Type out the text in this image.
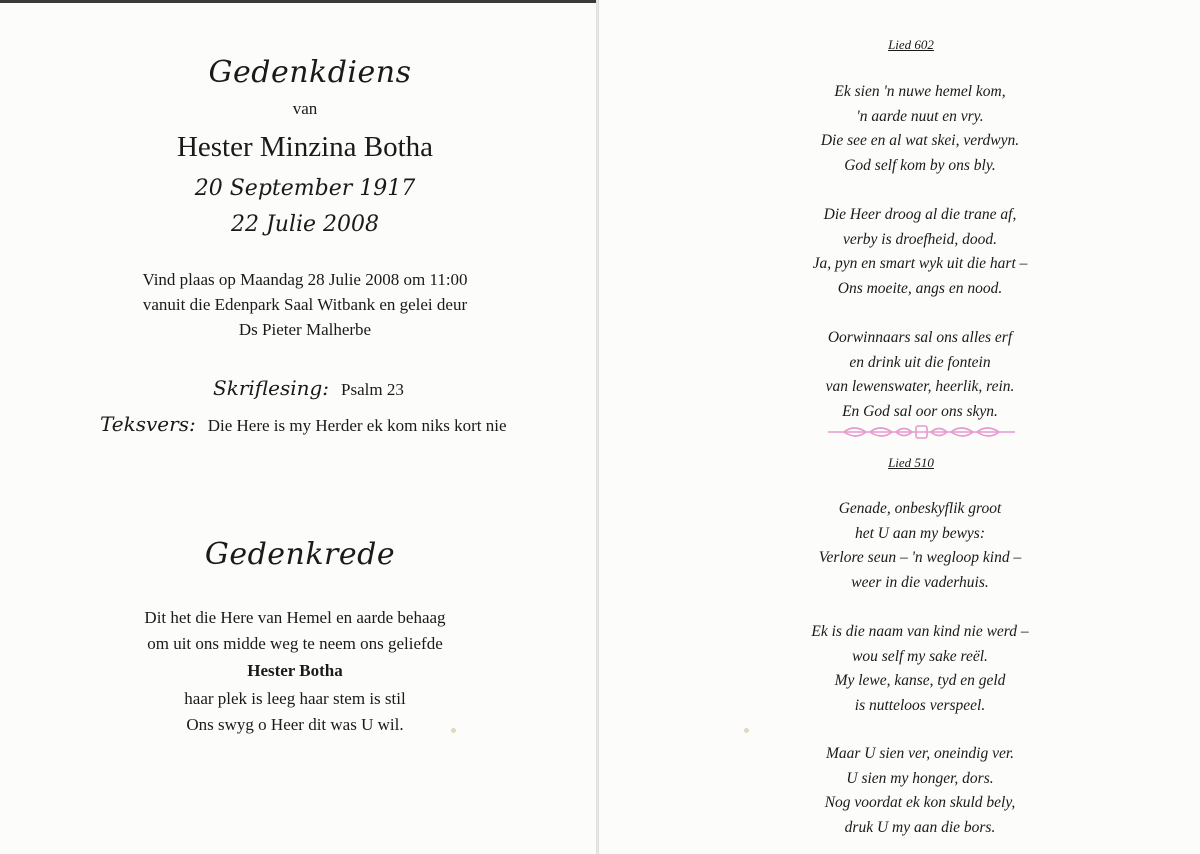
Gedenkdiens
van
Hester Minzina Botha
20 September 1917
22 Julie 2008
Vind plaas op Maandag 28 Julie 2008 om 11:00
vanuit die Edenpark Saal Witbank en gelei deur
Ds Pieter Malherbe
Skriflesing: Psalm 23
Teksvers: Die Here is my Herder ek kom niks kort nie
Gedenkrede
Dit het die Here van Hemel en aarde behaag
om uit ons midde weg te neem ons geliefde
Hester Botha
haar plek is leeg haar stem is stil
Ons swyg o Heer dit was U wil.
Lied 602
Ek sien 'n nuwe hemel kom,
'n aarde nuut en vry.
Die see en al wat skei, verdwyn.
God self kom by ons bly.
Die Heer droog al die trane af,
verby is droefheid, dood.
Ja, pyn en smart wyk uit die hart –
Ons moeite, angs en nood.
Oorwinnaars sal ons alles erf
en drink uit die fontein
van lewenswater, heerlik, rein.
En God sal oor ons skyn.
Lied 510
Genade, onbeskyflik groot
het U aan my bewys:
Verlore seun – 'n wegloop kind –
weer in die vaderhuis.
Ek is die naam van kind nie werd –
wou self my sake reël.
My lewe, kanse, tyd en geld
is nutteloos verspeel.
Maar U sien ver, oneindig ver.
U sien my honger, dors.
Nog voordat ek kon skuld bely,
druk U my aan die bors.
